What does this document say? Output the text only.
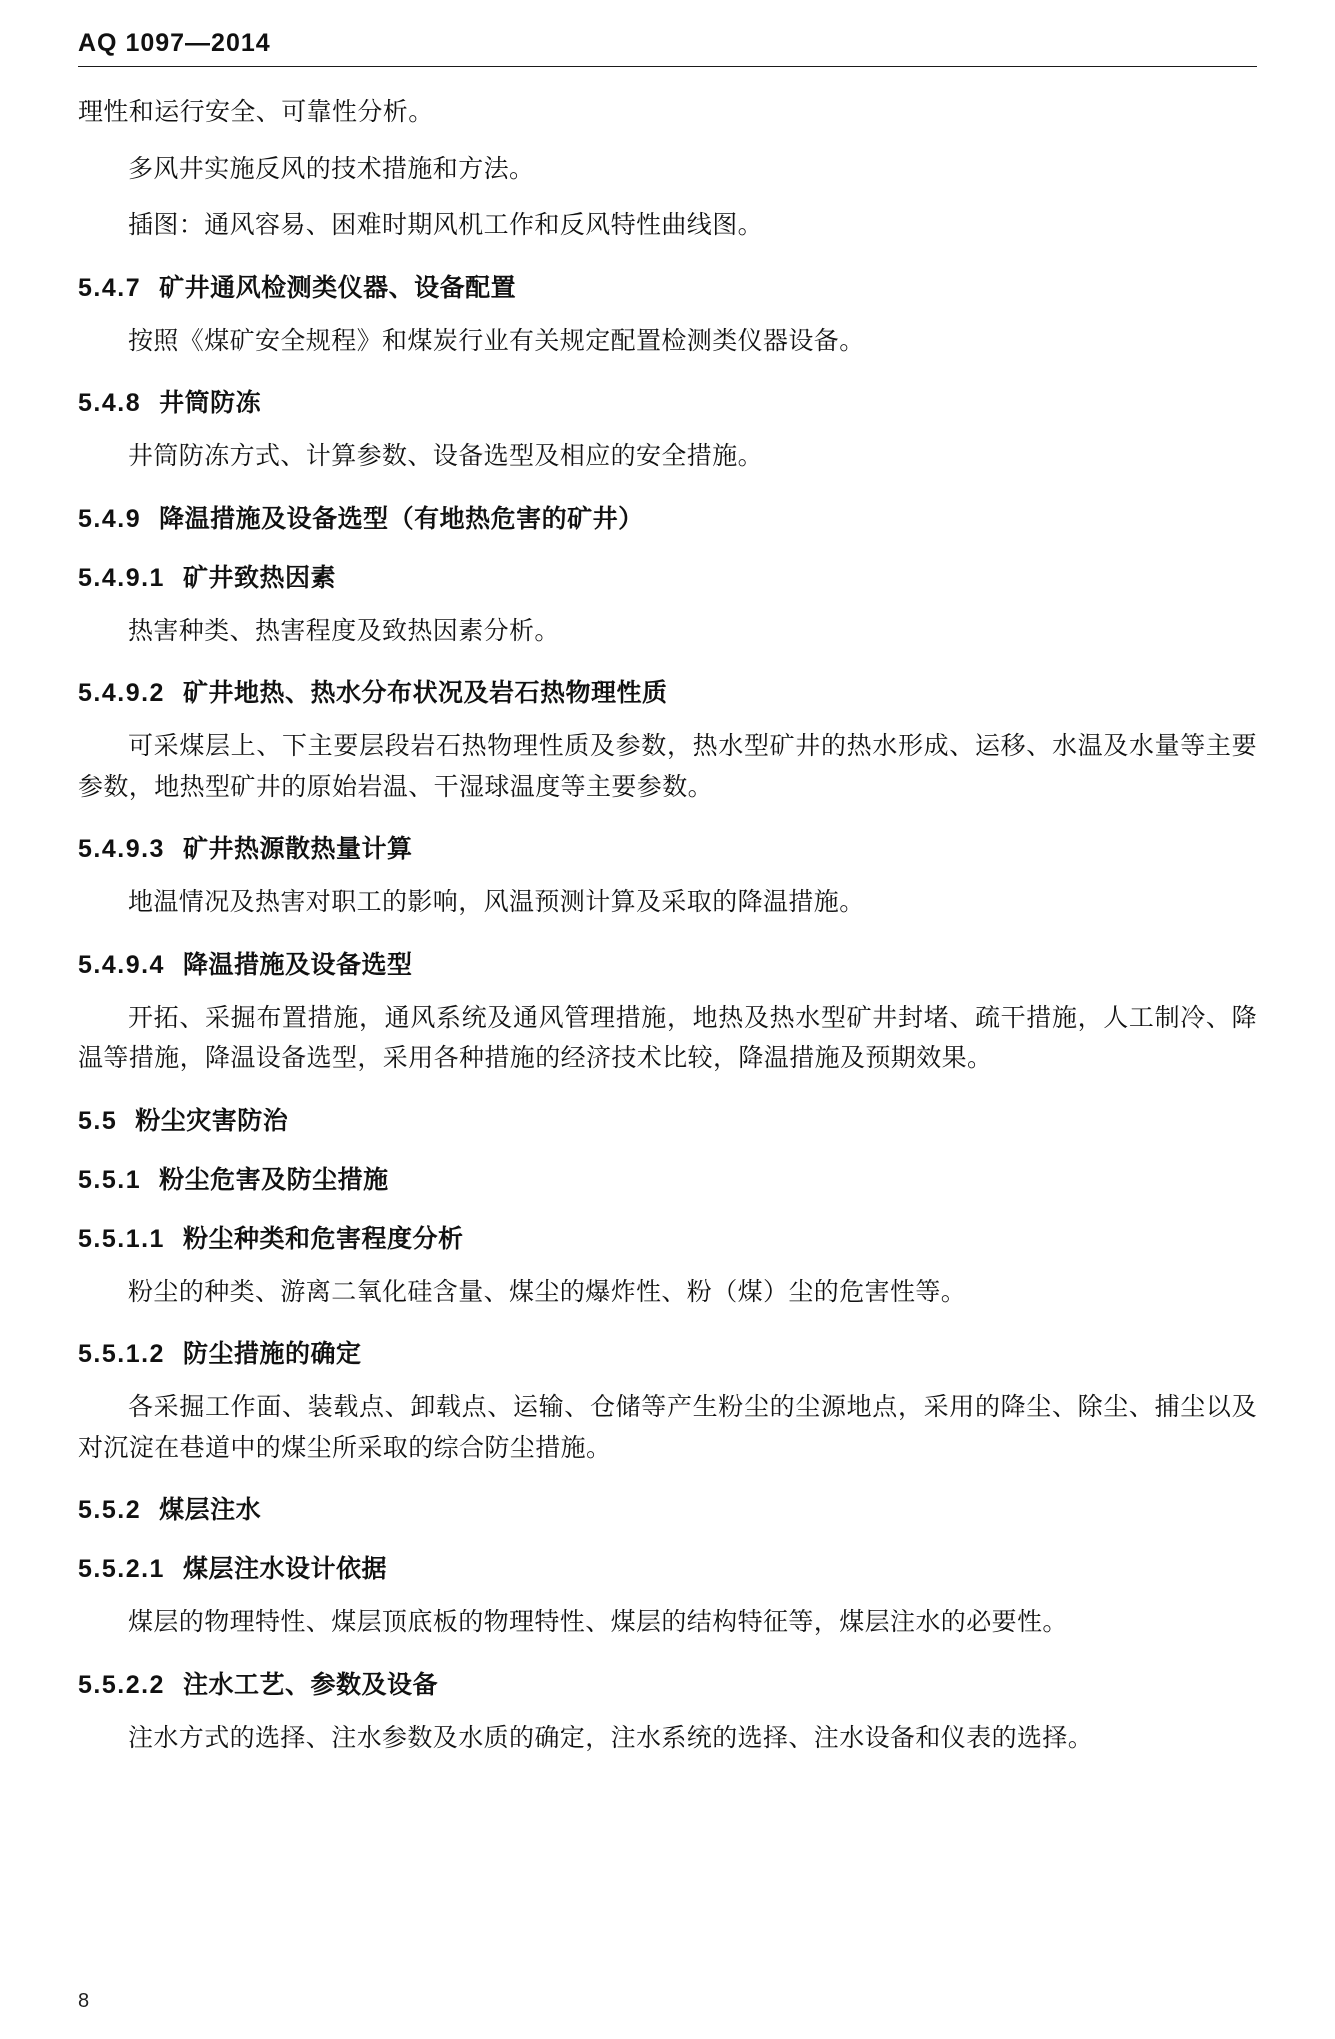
AQ 1097—2014

理性和运行安全、可靠性分析。

多风井实施反风的技术措施和方法。

插图：通风容易、困难时期风机工作和反风特性曲线图。

5.4.7 矿井通风检测类仪器、设备配置

按照《煤矿安全规程》和煤炭行业有关规定配置检测类仪器设备。

5.4.8 井筒防冻

井筒防冻方式、计算参数、设备选型及相应的安全措施。

5.4.9 降温措施及设备选型（有地热危害的矿井）
5.4.9.1 矿井致热因素

热害种类、热害程度及致热因素分析。

5.4.9.2 矿井地热、热水分布状况及岩石热物理性质

可采煤层上、下主要层段岩石热物理性质及参数，热水型矿井的热水形成、运移、水温及水量等主要参数，地热型矿井的原始岩温、干湿球温度等主要参数。

5.4.9.3 矿井热源散热量计算

地温情况及热害对职工的影响，风温预测计算及采取的降温措施。

5.4.9.4 降温措施及设备选型

开拓、采掘布置措施，通风系统及通风管理措施，地热及热水型矿井封堵、疏干措施，人工制冷、降温等措施，降温设备选型，采用各种措施的经济技术比较，降温措施及预期效果。

5.5 粉尘灾害防治
5.5.1 粉尘危害及防尘措施
5.5.1.1 粉尘种类和危害程度分析

粉尘的种类、游离二氧化硅含量、煤尘的爆炸性、粉（煤）尘的危害性等。

5.5.1.2 防尘措施的确定

各采掘工作面、装载点、卸载点、运输、仓储等产生粉尘的尘源地点，采用的降尘、除尘、捕尘以及对沉淀在巷道中的煤尘所采取的综合防尘措施。

5.5.2 煤层注水
5.5.2.1 煤层注水设计依据

煤层的物理特性、煤层顶底板的物理特性、煤层的结构特征等，煤层注水的必要性。

5.5.2.2 注水工艺、参数及设备

注水方式的选择、注水参数及水质的确定，注水系统的选择、注水设备和仪表的选择。

8
